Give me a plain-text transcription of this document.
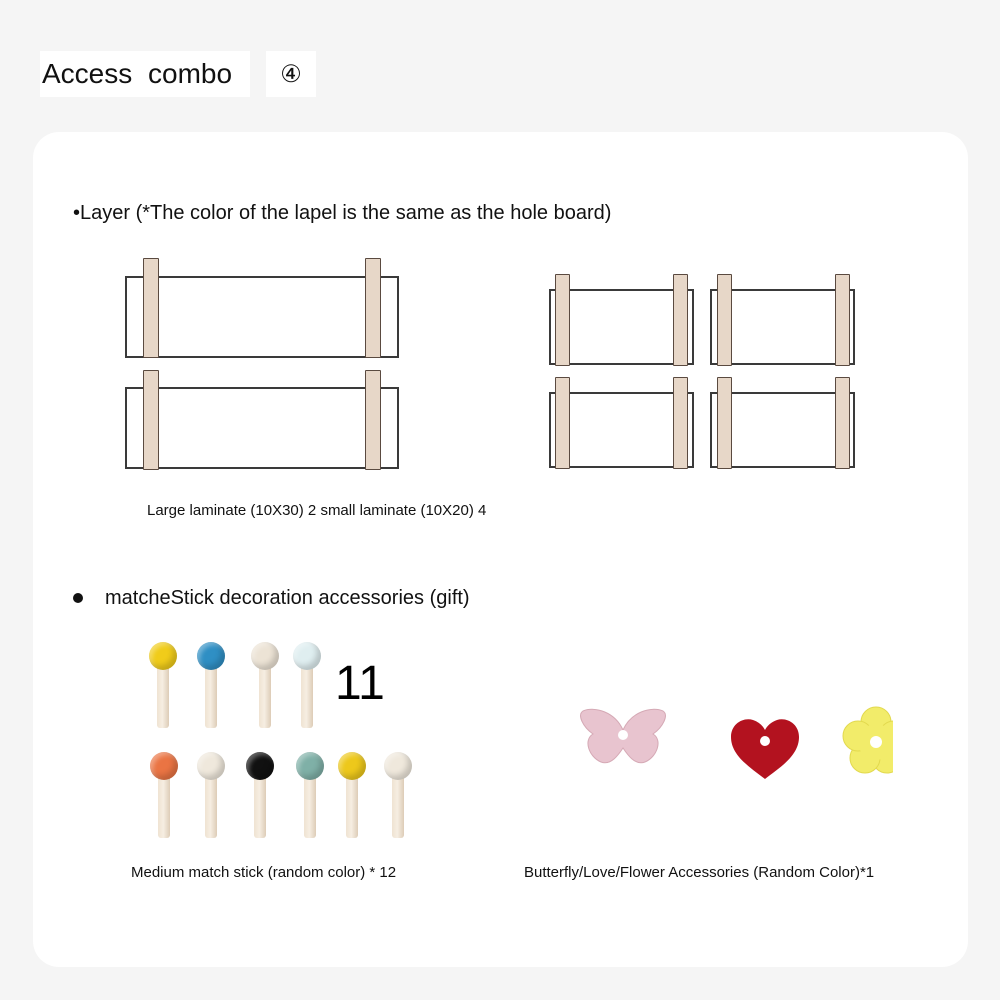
Access combo	④
•Layer (*The color of the lapel is the same as the hole board)
Large laminate (10X30) 2 small laminate (10X20) 4
matcheStick decoration accessories (gift)
11
Medium match stick (random color) * 12	Butterfly/Love/Flower Accessories (Random Color)*1
